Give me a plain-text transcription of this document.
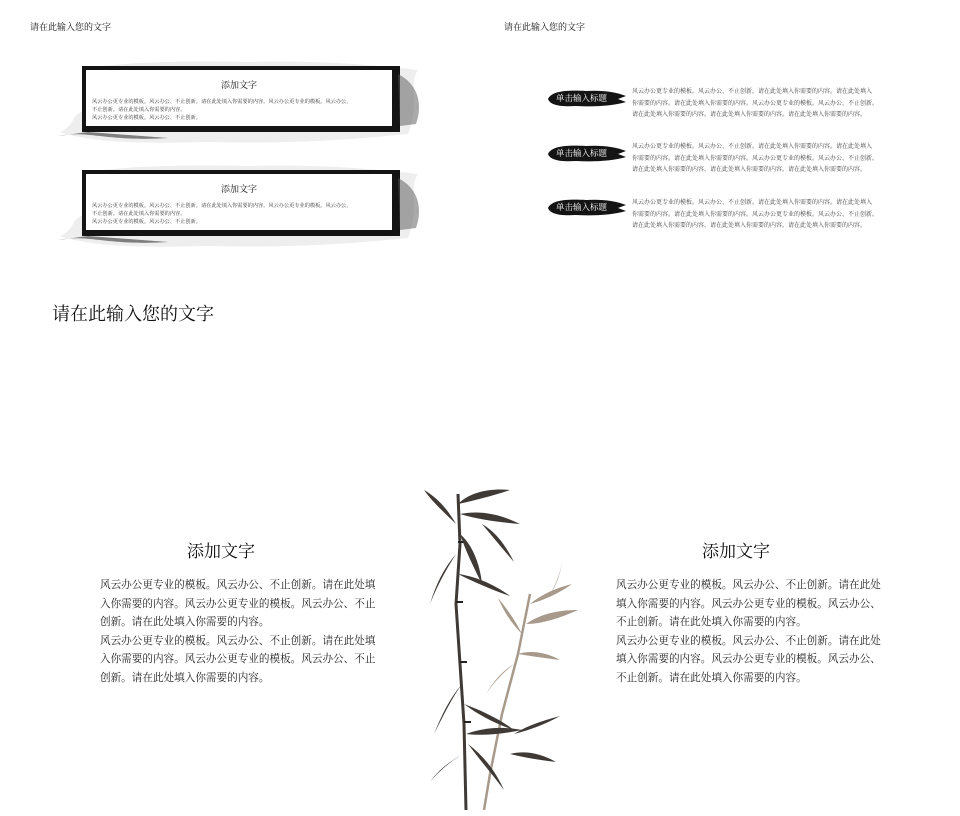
请在此输入您的文字
添加文字
风云办公更专业的模板。风云办公、不止创新。请在此处填入你需要的内容。风云办公更专业的模板。风云办公、
不止创新。请在此处填入你需要的内容。
风云办公更专业的模板。风云办公、不止创新。
添加文字
风云办公更专业的模板。风云办公、不止创新。请在此处填入你需要的内容。风云办公更专业的模板。风云办公、
不止创新。请在此处填入你需要的内容。
风云办公更专业的模板。风云办公、不止创新。
请在此输入您的文字
单击输入标题
风云办公更专业的模板。风云办公、不止创新。请在此处填入你需要的内容。请在此处填入
你需要的内容。请在此处填入你需要的内容。风云办公更专业的模板。风云办公、不止创新。
请在此处填入你需要的内容。请在此处填入你需要的内容。请在此处填入你需要的内容。
单击输入标题
风云办公更专业的模板。风云办公、不止创新。请在此处填入你需要的内容。请在此处填入
你需要的内容。请在此处填入你需要的内容。风云办公更专业的模板。风云办公、不止创新。
请在此处填入你需要的内容。请在此处填入你需要的内容。请在此处填入你需要的内容。
单击输入标题
风云办公更专业的模板。风云办公、不止创新。请在此处填入你需要的内容。请在此处填入
你需要的内容。请在此处填入你需要的内容。风云办公更专业的模板。风云办公、不止创新。
请在此处填入你需要的内容。请在此处填入你需要的内容。请在此处填入你需要的内容。
请在此输入您的文字
添加文字
风云办公更专业的模板。风云办公、不止创新。请在此处填
入你需要的内容。风云办公更专业的模板。风云办公、不止
创新。请在此处填入你需要的内容。
风云办公更专业的模板。风云办公、不止创新。请在此处填
入你需要的内容。风云办公更专业的模板。风云办公、不止
创新。请在此处填入你需要的内容。
添加文字
风云办公更专业的模板。风云办公、不止创新。请在此处
填入你需要的内容。风云办公更专业的模板。风云办公、
不止创新。请在此处填入你需要的内容。
风云办公更专业的模板。风云办公、不止创新。请在此处
填入你需要的内容。风云办公更专业的模板。风云办公、
不止创新。请在此处填入你需要的内容。
